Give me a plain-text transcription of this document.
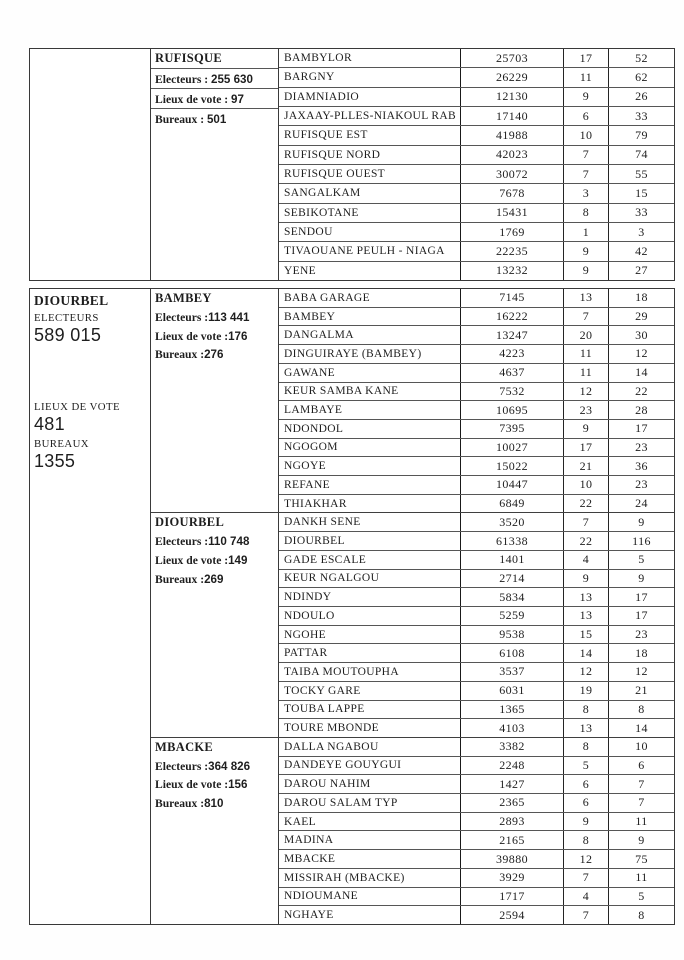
RUFISQUE
Electeurs : 255 630
Lieux de vote : 97
Bureaux : 501
BAMBYLOR	25703	17	52
BARGNY	26229	11	62
DIAMNIADIO	12130	9	26
JAXAAY-PLLES-NIAKOUL RAB	17140	6	33
RUFISQUE EST	41988	10	79
RUFISQUE NORD	42023	7	74
RUFISQUE OUEST	30072	7	55
SANGALKAM	7678	3	15
SEBIKOTANE	15431	8	33
SENDOU	1769	1	3
TIVAOUANE PEULH - NIAGA	22235	9	42
YENE	13232	9	27
DIOURBEL
ELECTEURS
589 015
LIEUX DE VOTE
481
BUREAUX
1355
BAMBEY
Electeurs : 113 441
Lieux de vote : 176
Bureaux : 276
BABA GARAGE	7145	13	18
BAMBEY	16222	7	29
DANGALMA	13247	20	30
DINGUIRAYE (BAMBEY)	4223	11	12
GAWANE	4637	11	14
KEUR SAMBA KANE	7532	12	22
LAMBAYE	10695	23	28
NDONDOL	7395	9	17
NGOGOM	10027	17	23
NGOYE	15022	21	36
REFANE	10447	10	23
THIAKHAR	6849	22	24
DIOURBEL
Electeurs : 110 748
Lieux de vote : 149
Bureaux : 269
DANKH SENE	3520	7	9
DIOURBEL	61338	22	116
GADE ESCALE	1401	4	5
KEUR NGALGOU	2714	9	9
NDINDY	5834	13	17
NDOULO	5259	13	17
NGOHE	9538	15	23
PATTAR	6108	14	18
TAIBA MOUTOUPHA	3537	12	12
TOCKY GARE	6031	19	21
TOUBA LAPPE	1365	8	8
TOURE MBONDE	4103	13	14
MBACKE
Electeurs : 364 826
Lieux de vote : 156
Bureaux : 810
DALLA NGABOU	3382	8	10
DANDEYE GOUYGUI	2248	5	6
DAROU NAHIM	1427	6	7
DAROU SALAM TYP	2365	6	7
KAEL	2893	9	11
MADINA	2165	8	9
MBACKE	39880	12	75
MISSIRAH (MBACKE)	3929	7	11
NDIOUMANE	1717	4	5
NGHAYE	2594	7	8
